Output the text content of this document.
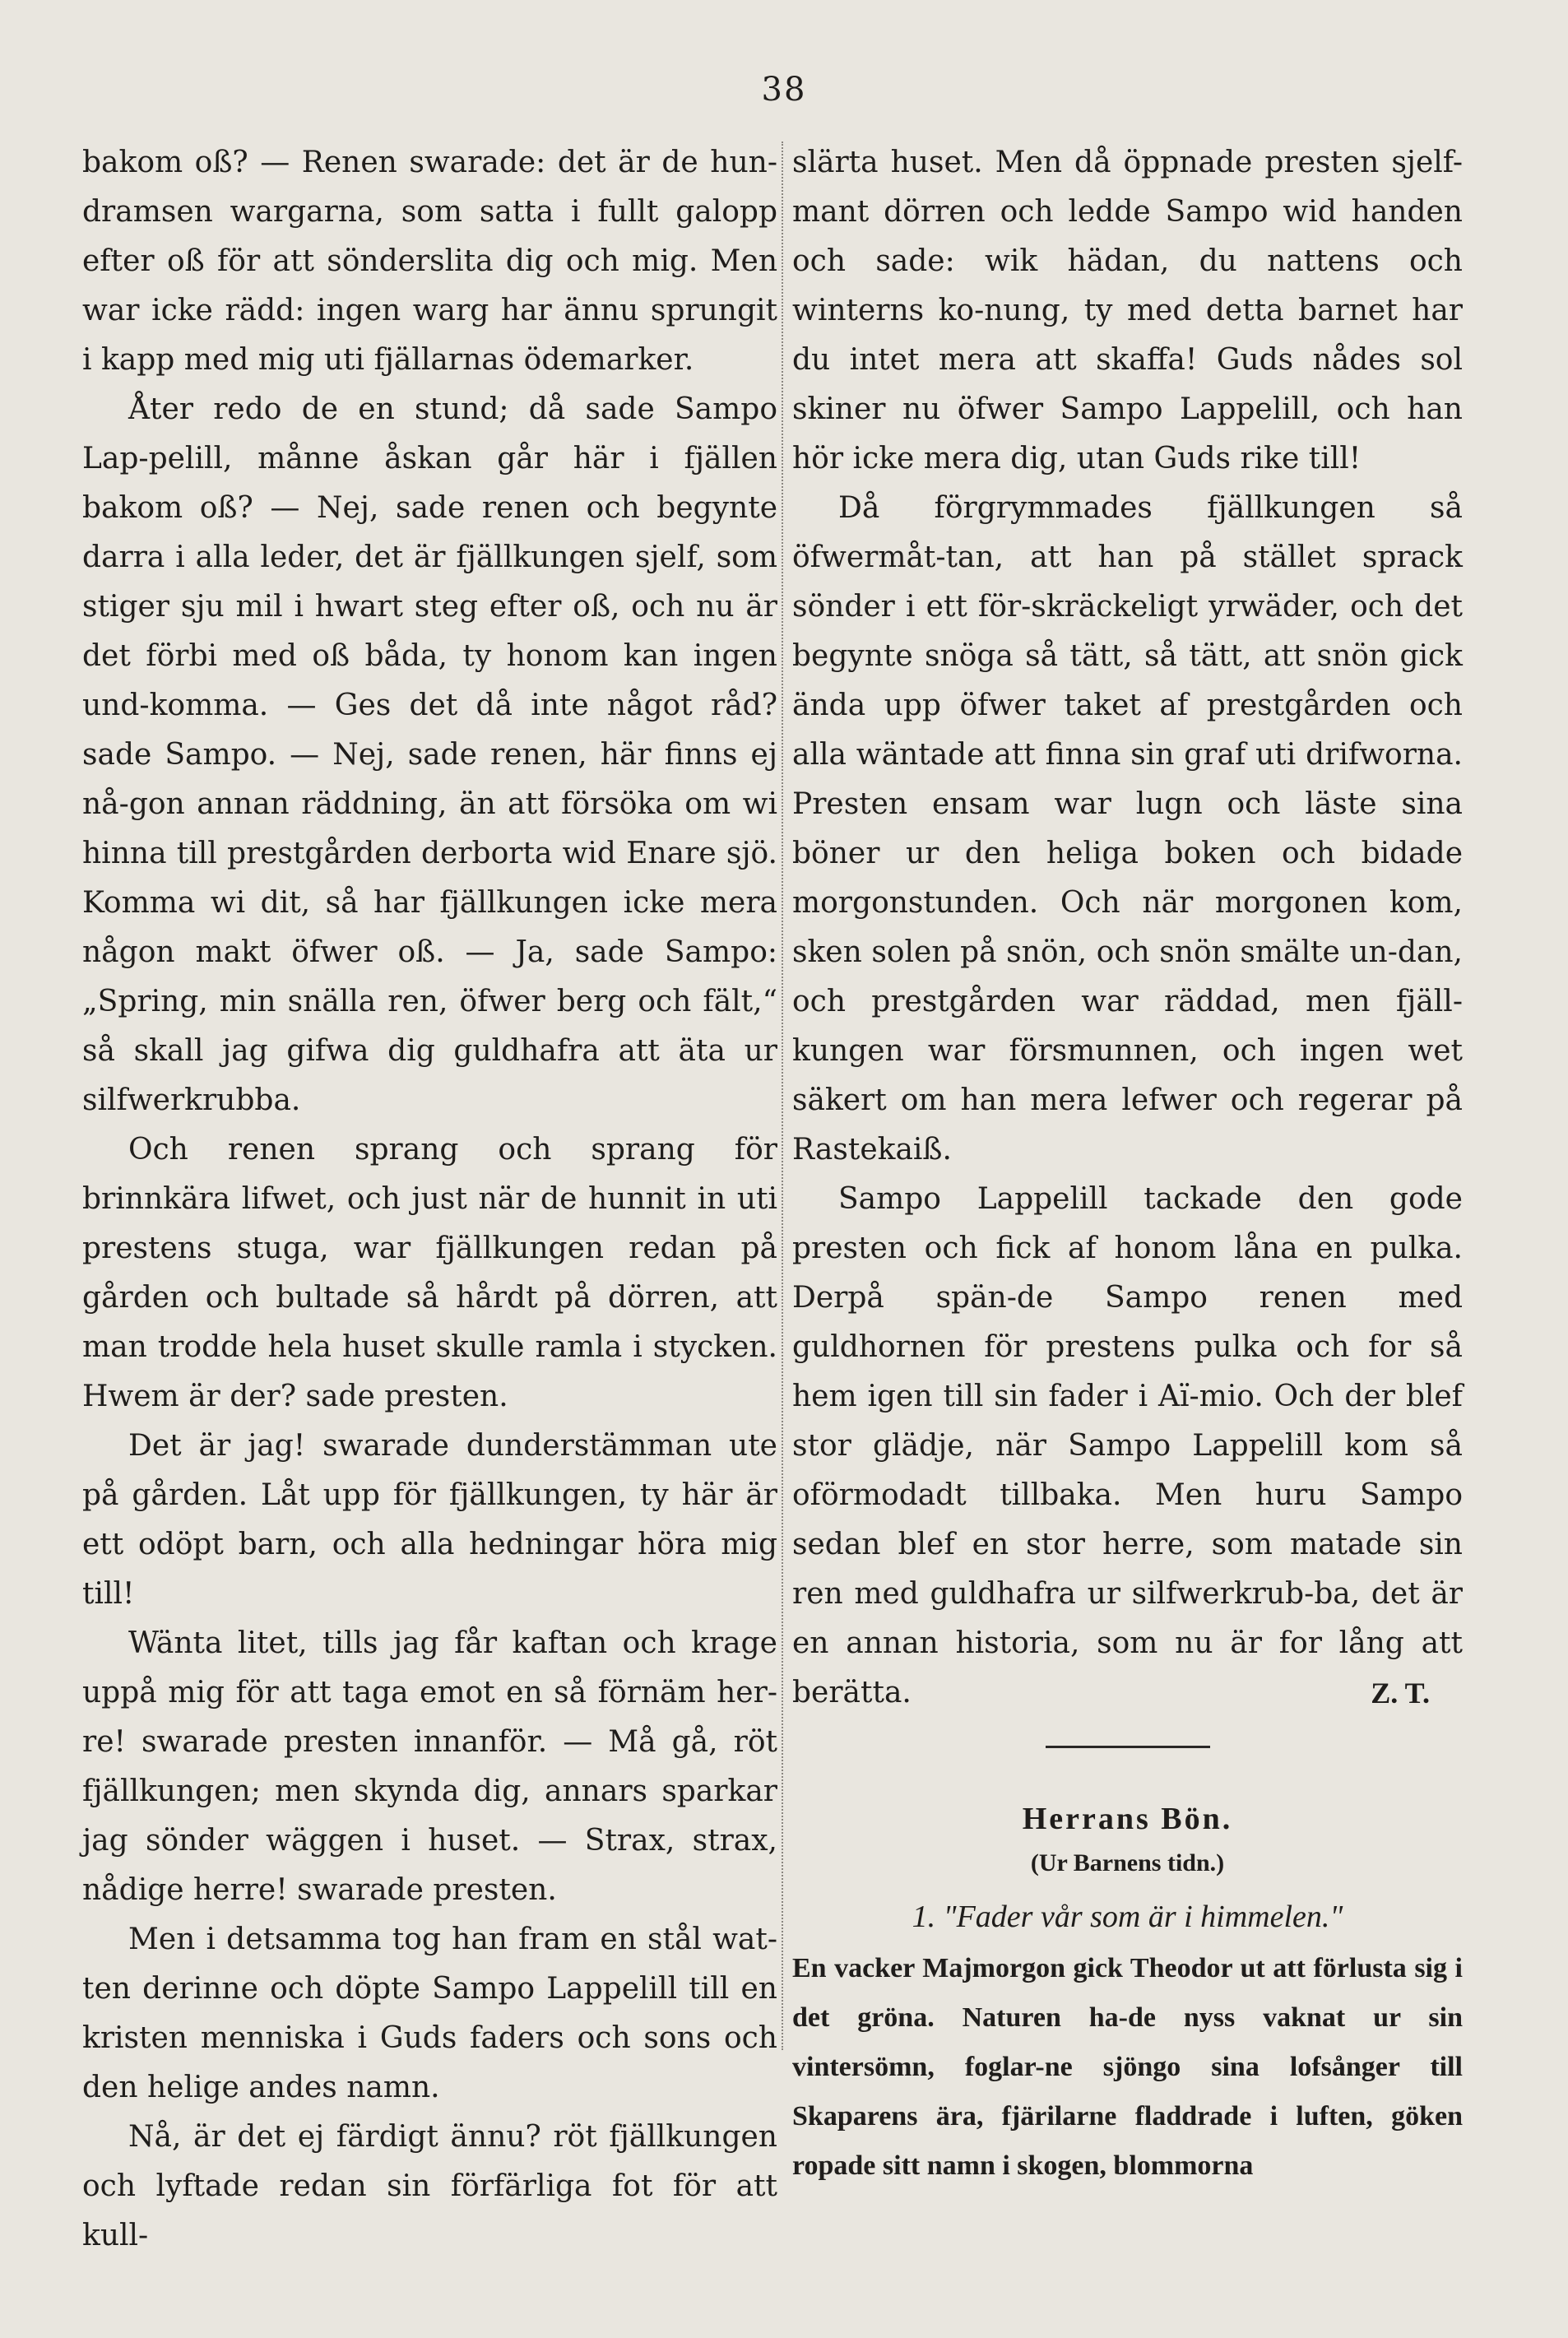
38

bakom oß? — Renen swarade: det är de hun-dramsen wargarna, som satta i fullt galopp efter oß för att sönderslita dig och mig. Men war icke rädd: ingen warg har ännu sprungit i kapp med mig uti fjällarnas ödemarker.

Åter redo de en stund; då sade Sampo Lap-pelill, månne åskan går här i fjällen bakom oß? — Nej, sade renen och begynte darra i alla leder, det är fjällkungen sjelf, som stiger sju mil i hwart steg efter oß, och nu är det förbi med oß båda, ty honom kan ingen und-komma. — Ges det då inte något råd? sade Sampo. — Nej, sade renen, här finns ej nå-gon annan räddning, än att försöka om wi hinna till prestgården derborta wid Enare sjö. Komma wi dit, så har fjällkungen icke mera någon makt öfwer oß. — Ja, sade Sampo: „Spring, min snälla ren, öfwer berg och fält,“ så skall jag gifwa dig guldhafra att äta ur silfwerkrubba.

Och renen sprang och sprang för brinnkära lifwet, och just när de hunnit in uti prestens stuga, war fjällkungen redan på gården och bultade så hårdt på dörren, att man trodde hela huset skulle ramla i stycken. Hwem är der? sade presten.

Det är jag! swarade dunderstämman ute på gården. Låt upp för fjällkungen, ty här är ett odöpt barn, och alla hedningar höra mig till!

Wänta litet, tills jag får kaftan och krage uppå mig för att taga emot en så förnäm her-re! swarade presten innanför. — Må gå, röt fjällkungen; men skynda dig, annars sparkar jag sönder wäggen i huset. — Strax, strax, nådige herre! swarade presten.

Men i detsamma tog han fram en stål wat-ten derinne och döpte Sampo Lappelill till en kristen menniska i Guds faders och sons och den helige andes namn.

Nå, är det ej färdigt ännu? röt fjällkungen och lyftade redan sin förfärliga fot för att kull-

slärta huset. Men då öppnade presten sjelf-mant dörren och ledde Sampo wid handen och sade: wik hädan, du nattens och winterns ko-nung, ty med detta barnet har du intet mera att skaffa! Guds nådes sol skiner nu öfwer Sampo Lappelill, och han hör icke mera dig, utan Guds rike till!

Då förgrymmades fjällkungen så öfwermåt-tan, att han på stället sprack sönder i ett för-skräckeligt yrwäder, och det begynte snöga så tätt, så tätt, att snön gick ända upp öfwer taket af prestgården och alla wäntade att finna sin graf uti drifworna. Presten ensam war lugn och läste sina böner ur den heliga boken och bidade morgonstunden. Och när morgonen kom, sken solen på snön, och snön smälte un-dan, och prestgården war räddad, men fjäll-kungen war försmunnen, och ingen wet säkert om han mera lefwer och regerar på Rastekaiß.

Sampo Lappelill tackade den gode presten och fick af honom låna en pulka. Derpå spän-de Sampo renen med guldhornen för prestens pulka och for så hem igen till sin fader i Aï-mio. Och der blef stor glädje, när Sampo Lappelill kom så oförmodadt tillbaka. Men huru Sampo sedan blef en stor herre, som matade sin ren med guldhafra ur silfwerkrub-ba, det är en annan historia, som nu är for lång att berätta.	Z. T.
Herrans Bön.
(Ur Barnens tidn.)
1. "Fader vår som är i himmelen."

En vacker Majmorgon gick Theodor ut att förlusta sig i det gröna. Naturen ha-de nyss vaknat ur sin vintersömn, foglar-ne sjöngo sina lofsånger till Skaparens ära, fjärilarne fladdrade i luften, göken ropade sitt namn i skogen, blommorna
